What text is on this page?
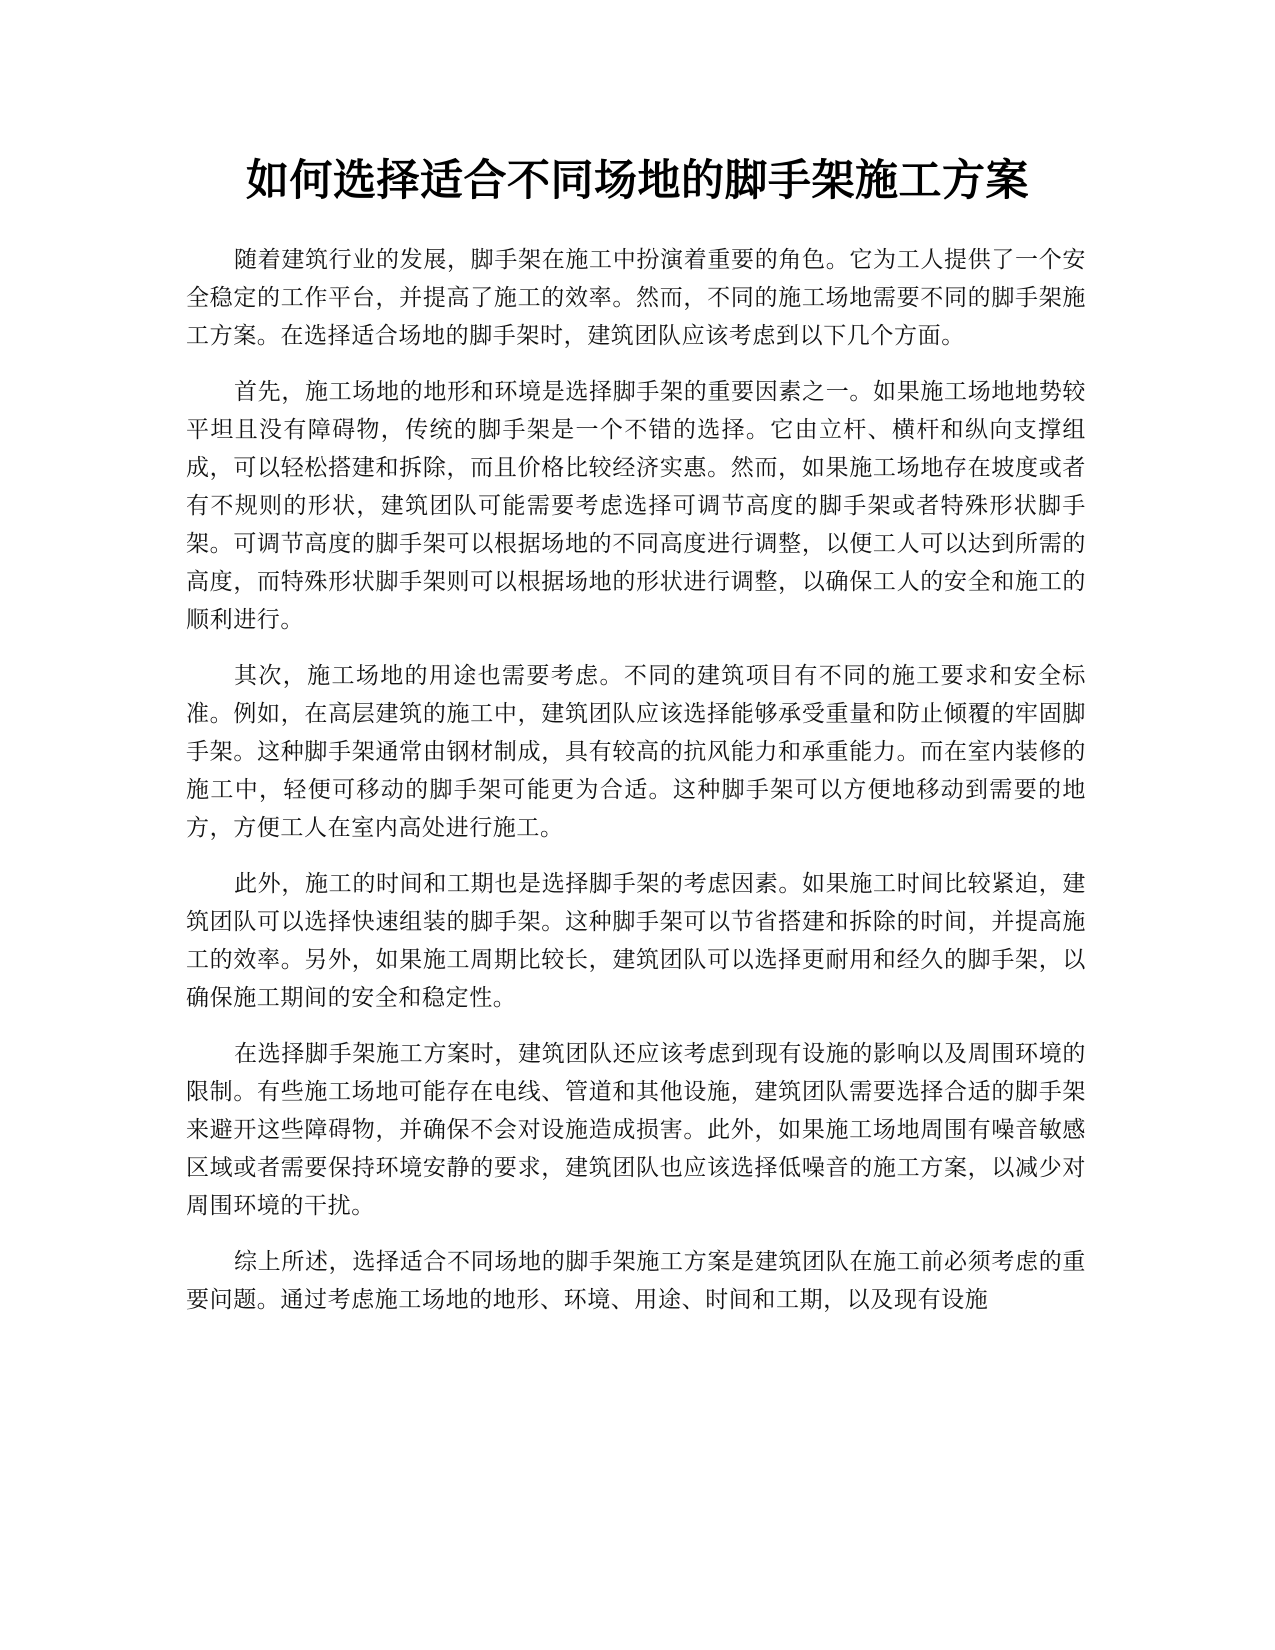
如何选择适合不同场地的脚手架施工方案

随着建筑行业的发展，脚手架在施工中扮演着重要的角色。它为工人提供了一个安全稳定的工作平台，并提高了施工的效率。然而，不同的施工场地需要不同的脚手架施工方案。在选择适合场地的脚手架时，建筑团队应该考虑到以下几个方面。

首先，施工场地的地形和环境是选择脚手架的重要因素之一。如果施工场地地势较平坦且没有障碍物，传统的脚手架是一个不错的选择。它由立杆、横杆和纵向支撑组成，可以轻松搭建和拆除，而且价格比较经济实惠。然而，如果施工场地存在坡度或者有不规则的形状，建筑团队可能需要考虑选择可调节高度的脚手架或者特殊形状脚手架。可调节高度的脚手架可以根据场地的不同高度进行调整，以便工人可以达到所需的高度，而特殊形状脚手架则可以根据场地的形状进行调整，以确保工人的安全和施工的顺利进行。

其次，施工场地的用途也需要考虑。不同的建筑项目有不同的施工要求和安全标准。例如，在高层建筑的施工中，建筑团队应该选择能够承受重量和防止倾覆的牢固脚手架。这种脚手架通常由钢材制成，具有较高的抗风能力和承重能力。而在室内装修的施工中，轻便可移动的脚手架可能更为合适。这种脚手架可以方便地移动到需要的地方，方便工人在室内高处进行施工。

此外，施工的时间和工期也是选择脚手架的考虑因素。如果施工时间比较紧迫，建筑团队可以选择快速组装的脚手架。这种脚手架可以节省搭建和拆除的时间，并提高施工的效率。另外，如果施工周期比较长，建筑团队可以选择更耐用和经久的脚手架，以确保施工期间的安全和稳定性。

在选择脚手架施工方案时，建筑团队还应该考虑到现有设施的影响以及周围环境的限制。有些施工场地可能存在电线、管道和其他设施，建筑团队需要选择合适的脚手架来避开这些障碍物，并确保不会对设施造成损害。此外，如果施工场地周围有噪音敏感区域或者需要保持环境安静的要求，建筑团队也应该选择低噪音的施工方案，以减少对周围环境的干扰。

综上所述，选择适合不同场地的脚手架施工方案是建筑团队在施工前必须考虑的重要问题。通过考虑施工场地的地形、环境、用途、时间和工期，以及现有设施
